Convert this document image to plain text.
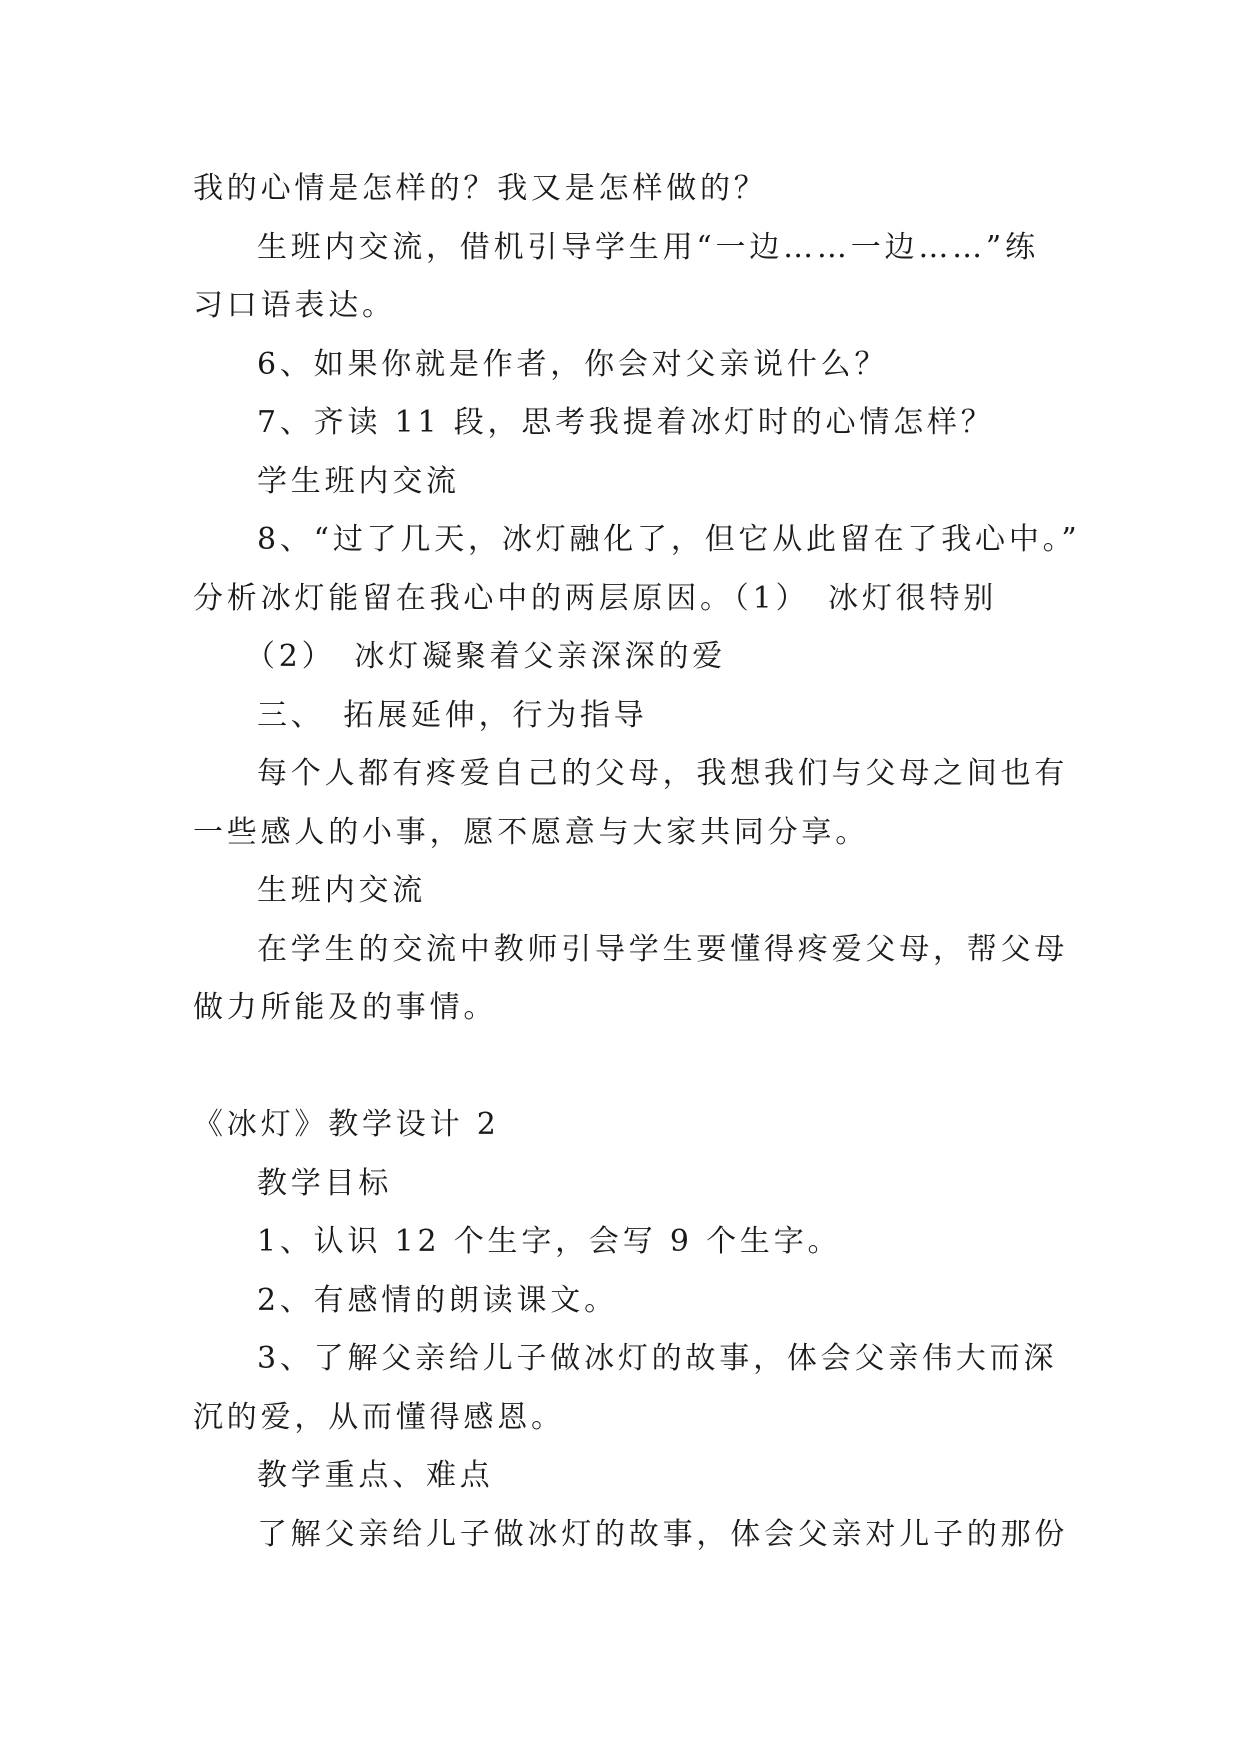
我的心情是怎样的？我又是怎样做的？

生班内交流，借机引导学生用“一边……一边……”练

习口语表达。

6、如果你就是作者，你会对父亲说什么？

7、齐读 11 段，思考我提着冰灯时的心情怎样？

学生班内交流

8、“过了几天，冰灯融化了，但它从此留在了我心中。”

分析冰灯能留在我心中的两层原因。（1）　冰灯很特别

（2）　冰灯凝聚着父亲深深的爱

三、　拓展延伸，行为指导

每个人都有疼爱自己的父母，我想我们与父母之间也有

一些感人的小事，愿不愿意与大家共同分享。

生班内交流

在学生的交流中教师引导学生要懂得疼爱父母，帮父母

做力所能及的事情。

《冰灯》教学设计 2

教学目标

1、认识 12 个生字，会写 9 个生字。

2、有感情的朗读课文。

3、了解父亲给儿子做冰灯的故事，体会父亲伟大而深

沉的爱，从而懂得感恩。

教学重点、难点

了解父亲给儿子做冰灯的故事，体会父亲对儿子的那份
